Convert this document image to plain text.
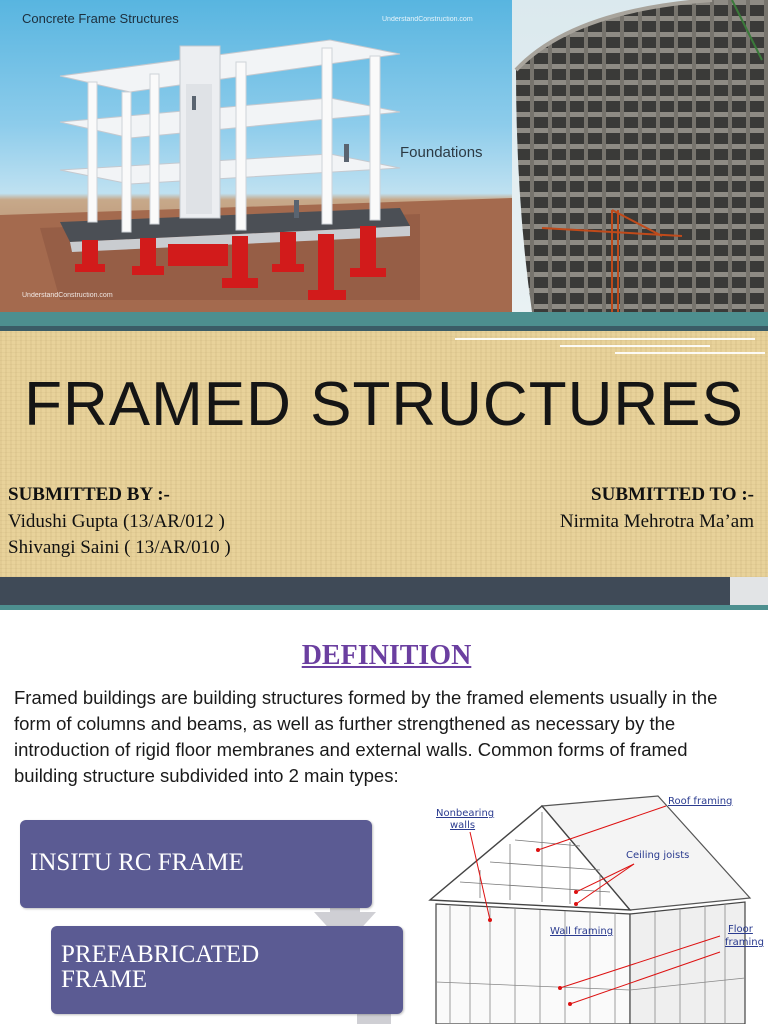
Concrete Frame Structures	UnderstandConstruction.com
UnderstandConstruction.com
Foundations
FRAMED STRUCTURES
SUBMITTED BY :-
Vidushi Gupta (13/AR/012 )
Shivangi Saini ( 13/AR/010 )
SUBMITTED TO :-
Nirmita Mehrotra Ma’am
DEFINITION
Framed buildings are building structures formed by the framed elements usually in the form of columns and beams, as well as further strengthened as necessary by the introduction of rigid floor membranes and external walls. Common forms of framed building structure subdivided into 2 main types:
INSITU RC FRAME
PREFABRICATED FRAME
Roof framing
Nonbearing
walls
Ceiling joists
Wall framing	Floor
framing
